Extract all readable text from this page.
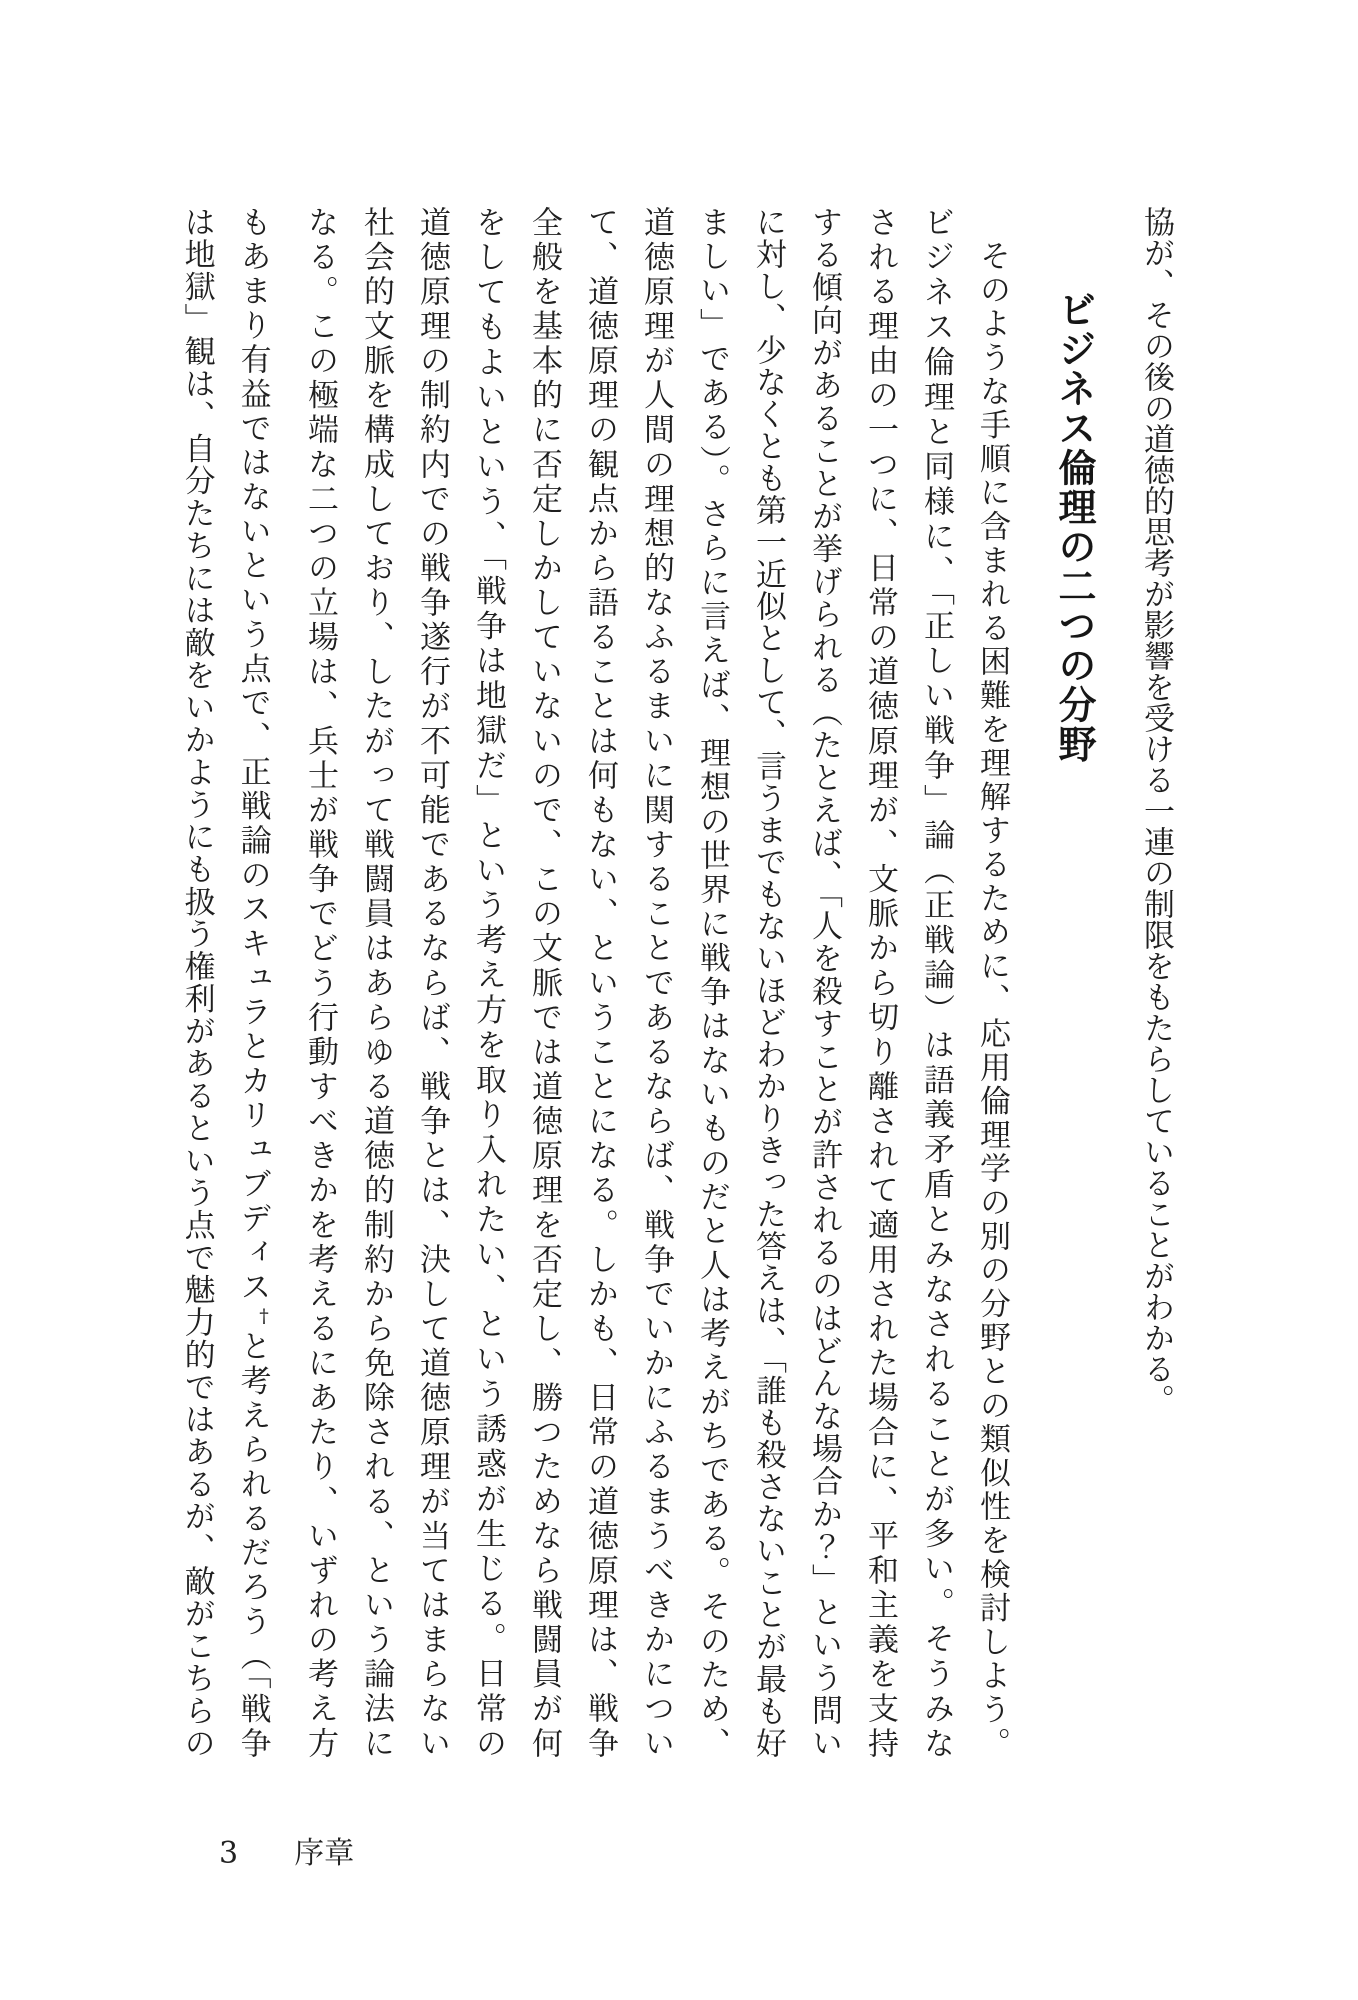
協が、その後の道徳的思考が影響を受ける一連の制限をもたらしていることがわかる。

ビジネス倫理の二つの分野

　そのような手順に含まれる困難を理解するために、応用倫理学の別の分野との類似性を検討しよう。

ビジネス倫理と同様に、「正しい戦争」論（正戦論）は語義矛盾とみなされることが多い。そうみな

される理由の一つに、日常の道徳原理が、文脈から切り離されて適用された場合に、平和主義を支持

する傾向があることが挙げられる（たとえば、「人を殺すことが許されるのはどんな場合か？」という問い

に対し、少なくとも第一近似として、言うまでもないほどわかりきった答えは、「誰も殺さないことが最も好

ましい」である）。さらに言えば、理想の世界に戦争はないものだと人は考えがちである。そのため、

道徳原理が人間の理想的なふるまいに関することであるならば、戦争でいかにふるまうべきかについ

て、道徳原理の観点から語ることは何もない、ということになる。しかも、日常の道徳原理は、戦争

全般を基本的に否定しかしていないので、この文脈では道徳原理を否定し、勝つためなら戦闘員が何

をしてもよいという、「戦争は地獄だ」という考え方を取り入れたい、という誘惑が生じる。日常の

道徳原理の制約内での戦争遂行が不可能であるならば、戦争とは、決して道徳原理が当てはまらない

社会的文脈を構成しており、したがって戦闘員はあらゆる道徳的制約から免除される、という論法に

なる。この極端な二つの立場は、兵士が戦争でどう行動すべきかを考えるにあたり、いずれの考え方

もあまり有益ではないという点で、正戦論のスキュラとカリュブディス†と考えられるだろう（「戦争

は地獄」観は、自分たちには敵をいかようにも扱う権利があるという点で魅力的ではあるが、敵がこちらの

3 序章
